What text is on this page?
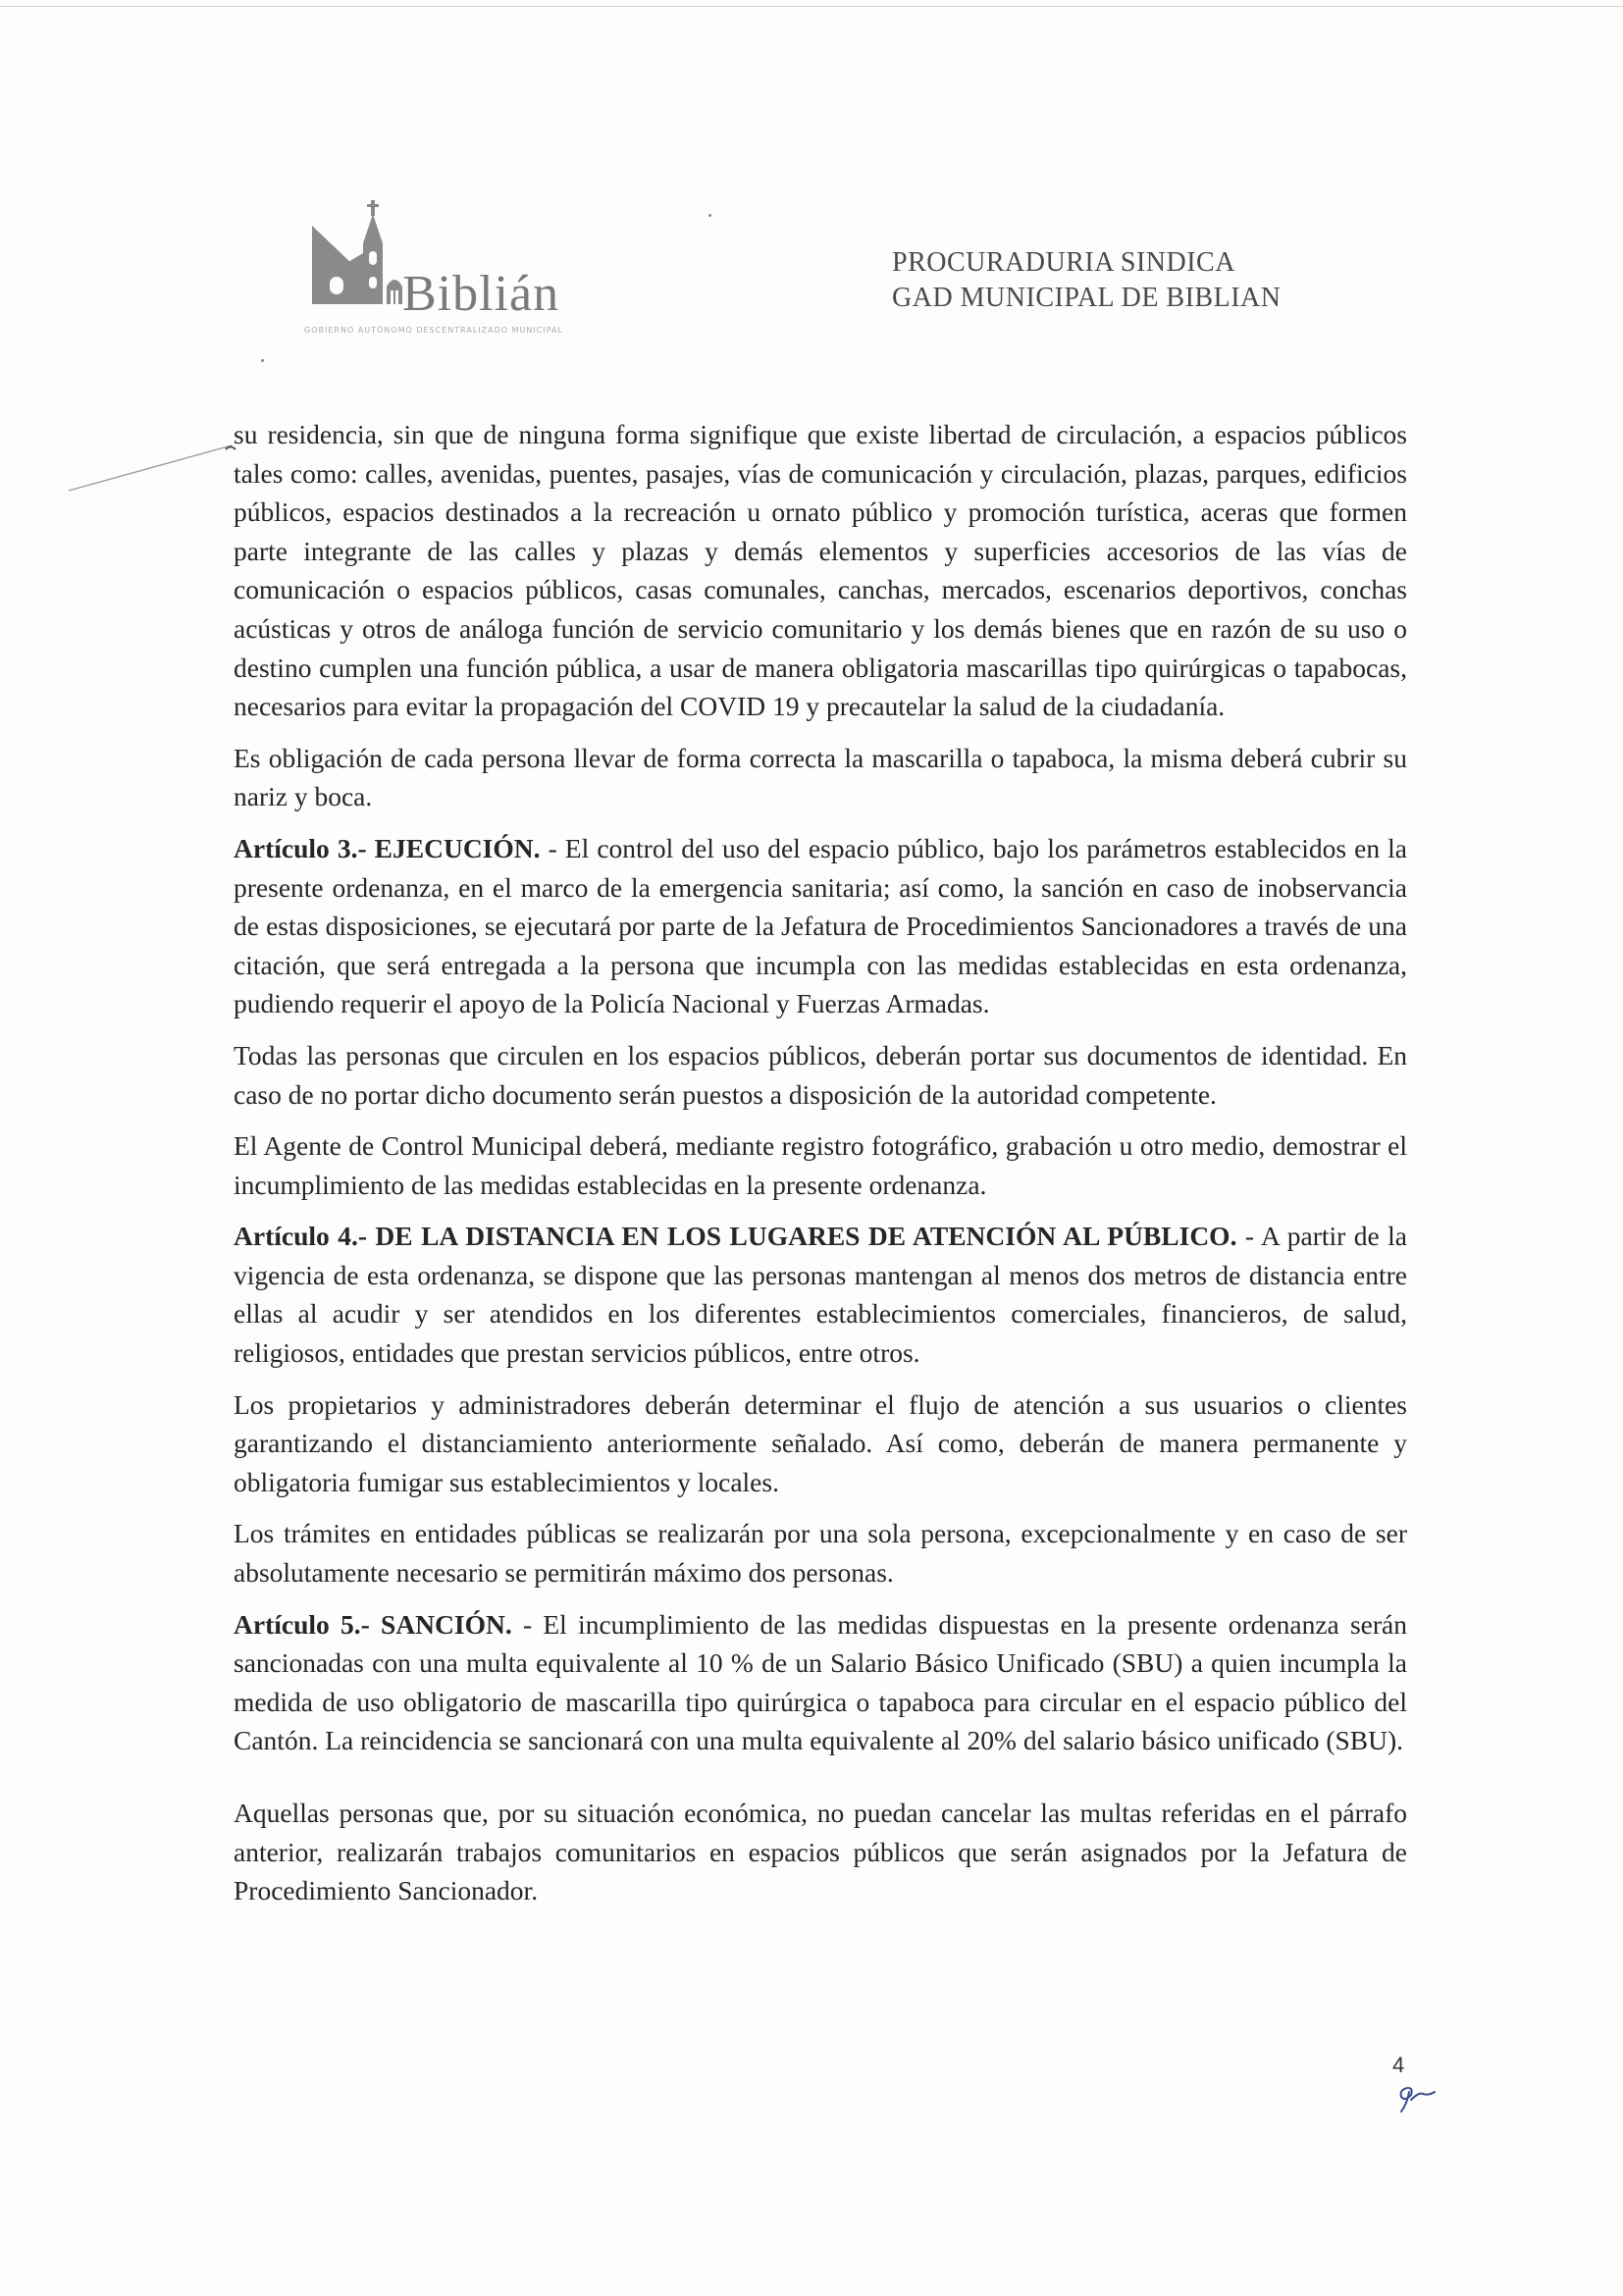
Biblián
GOBIERNO AUTÓNOMO DESCENTRALIZADO MUNICIPAL
PROCURADURIA SINDICA
GAD MUNICIPAL DE BIBLIAN

su residencia, sin que de ninguna forma signifique que existe libertad de circulación, a espacios públicos tales como: calles, avenidas, puentes, pasajes, vías de comunicación y circulación, plazas, parques, edificios públicos, espacios destinados a la recreación u ornato público y promoción turística, aceras que formen parte integrante de las calles y plazas y demás elementos y superficies accesorios de las vías de comunicación o espacios públicos, casas comunales, canchas, mercados, escenarios deportivos, conchas acústicas y otros de análoga función de servicio comunitario y los demás bienes que en razón de su uso o destino cumplen una función pública, a usar de manera obligatoria mascarillas tipo quirúrgicas o tapabocas, necesarios para evitar la propagación del COVID 19 y precautelar la salud de la ciudadanía.

Es obligación de cada persona llevar de forma correcta la mascarilla o tapaboca, la misma deberá cubrir su nariz y boca.

Artículo 3.- EJECUCIÓN. - El control del uso del espacio público, bajo los parámetros establecidos en la presente ordenanza, en el marco de la emergencia sanitaria; así como, la sanción en caso de inobservancia de estas disposiciones, se ejecutará por parte de la Jefatura de Procedimientos Sancionadores a través de una citación, que será entregada a la persona que incumpla con las medidas establecidas en esta ordenanza, pudiendo requerir el apoyo de la Policía Nacional y Fuerzas Armadas.

Todas las personas que circulen en los espacios públicos, deberán portar sus documentos de identidad. En caso de no portar dicho documento serán puestos a disposición de la autoridad competente.

El Agente de Control Municipal deberá, mediante registro fotográfico, grabación u otro medio, demostrar el incumplimiento de las medidas establecidas en la presente ordenanza.

Artículo 4.- DE LA DISTANCIA EN LOS LUGARES DE ATENCIÓN AL PÚBLICO. - A partir de la vigencia de esta ordenanza, se dispone que las personas mantengan al menos dos metros de distancia entre ellas al acudir y ser atendidos en los diferentes establecimientos comerciales, financieros, de salud, religiosos, entidades que prestan servicios públicos, entre otros.

Los propietarios y administradores deberán determinar el flujo de atención a sus usuarios o clientes garantizando el distanciamiento anteriormente señalado. Así como, deberán de manera permanente y obligatoria fumigar sus establecimientos y locales.

Los trámites en entidades públicas se realizarán por una sola persona, excepcionalmente y en caso de ser absolutamente necesario se permitirán máximo dos personas.

Artículo 5.- SANCIÓN. - El incumplimiento de las medidas dispuestas en la presente ordenanza serán sancionadas con una multa equivalente al 10 % de un Salario Básico Unificado (SBU) a quien incumpla la medida de uso obligatorio de mascarilla tipo quirúrgica o tapaboca para circular en el espacio público del Cantón. La reincidencia se sancionará con una multa equivalente al 20% del salario básico unificado (SBU).

Aquellas personas que, por su situación económica, no puedan cancelar las multas referidas en el párrafo anterior, realizarán trabajos comunitarios en espacios públicos que serán asignados por la Jefatura de Procedimiento Sancionador.

4
